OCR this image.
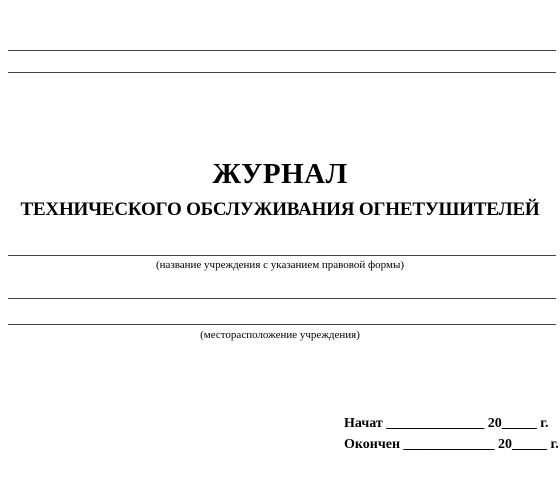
ЖУРНАЛ
ТЕХНИЧЕСКОГО ОБСЛУЖИВАНИЯ ОГНЕТУШИТЕЛЕЙ
(название учреждения с указанием правовой формы)
(месторасположение учреждения)
Начат ______________ 20_____ г.
Окончен _____________ 20_____ г.
